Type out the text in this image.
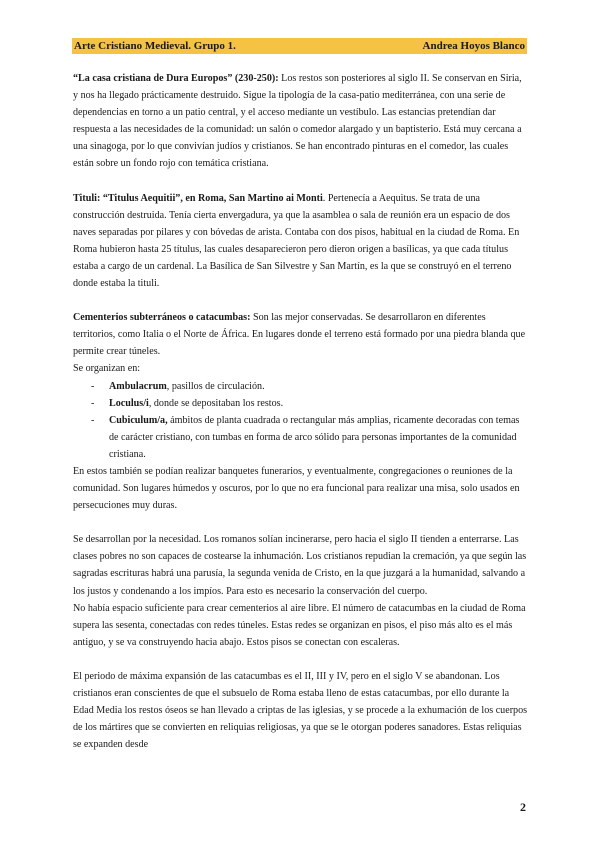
Arte Cristiano Medieval. Grupo 1.	Andrea Hoyos Blanco

“La casa cristiana de Dura Europos” (230-250): Los restos son posteriores al siglo II. Se conservan en Siria, y nos ha llegado prácticamente destruido. Sigue la tipología de la casa-patio mediterránea, con una serie de dependencias en torno a un patio central, y el acceso mediante un vestíbulo. Las estancias pretendían dar respuesta a las necesidades de la comunidad: un salón o comedor alargado y un baptisterio. Está muy cercana a una sinagoga, por lo que convivían judíos y cristianos. Se han encontrado pinturas en el comedor, las cuales están sobre un fondo rojo con temática cristiana.

Tituli: “Titulus Aequitii”, en Roma, San Martino ai Monti. Pertenecía a Aequitus. Se trata de una construcción destruida. Tenía cierta envergadura, ya que la asamblea o sala de reunión era un espacio de dos naves separadas por pilares y con bóvedas de arista. Contaba con dos pisos, habitual en la ciudad de Roma. En Roma hubieron hasta 25 títulus, las cuales desaparecieron pero dieron origen a basílicas, ya que cada títulus estaba a cargo de un cardenal. La Basílica de San Silvestre y San Martín, es la que se construyó en el terreno donde estaba la tituli.

Cementerios subterráneos o catacumbas: Son las mejor conservadas. Se desarrollaron en diferentes territorios, como Italia o el Norte de África. En lugares donde el terreno está formado por una piedra blanda que permite crear túneles.

Se organizan en:

- Ambulacrum, pasillos de circulación.
- Loculus/i, donde se depositaban los restos.
- Cubiculum/a, ámbitos de planta cuadrada o rectangular más amplias, ricamente decoradas con temas de carácter cristiano, con tumbas en forma de arco sólido para personas importantes de la comunidad cristiana.

En estos también se podían realizar banquetes funerarios, y eventualmente, congregaciones o reuniones de la comunidad. Son lugares húmedos y oscuros, por lo que no era funcional para realizar una misa, solo usados en persecuciones muy duras.

Se desarrollan por la necesidad. Los romanos solían incinerarse, pero hacia el siglo II tienden a enterrarse. Las clases pobres no son capaces de costearse la inhumación. Los cristianos repudian la cremación, ya que según las sagradas escrituras habrá una parusía, la segunda venida de Cristo, en la que juzgará a la humanidad, salvando a los justos y condenando a los impíos. Para esto es necesario la conservación del cuerpo.

No había espacio suficiente para crear cementerios al aire libre. El número de catacumbas en la ciudad de Roma supera las sesenta, conectadas con redes túneles. Estas redes se organizan en pisos, el piso más alto es el más antiguo, y se va construyendo hacia abajo. Estos pisos se conectan con escaleras.

El periodo de máxima expansión de las catacumbas es el II, III y IV, pero en el siglo V se abandonan. Los cristianos eran conscientes de que el subsuelo de Roma estaba lleno de estas catacumbas, por ello durante la Edad Media los restos óseos se han llevado a criptas de las iglesias, y se procede a la exhumación de los cuerpos de los mártires que se convierten en reliquias religiosas, ya que se le otorgan poderes sanadores. Estas reliquias se expanden desde

2
